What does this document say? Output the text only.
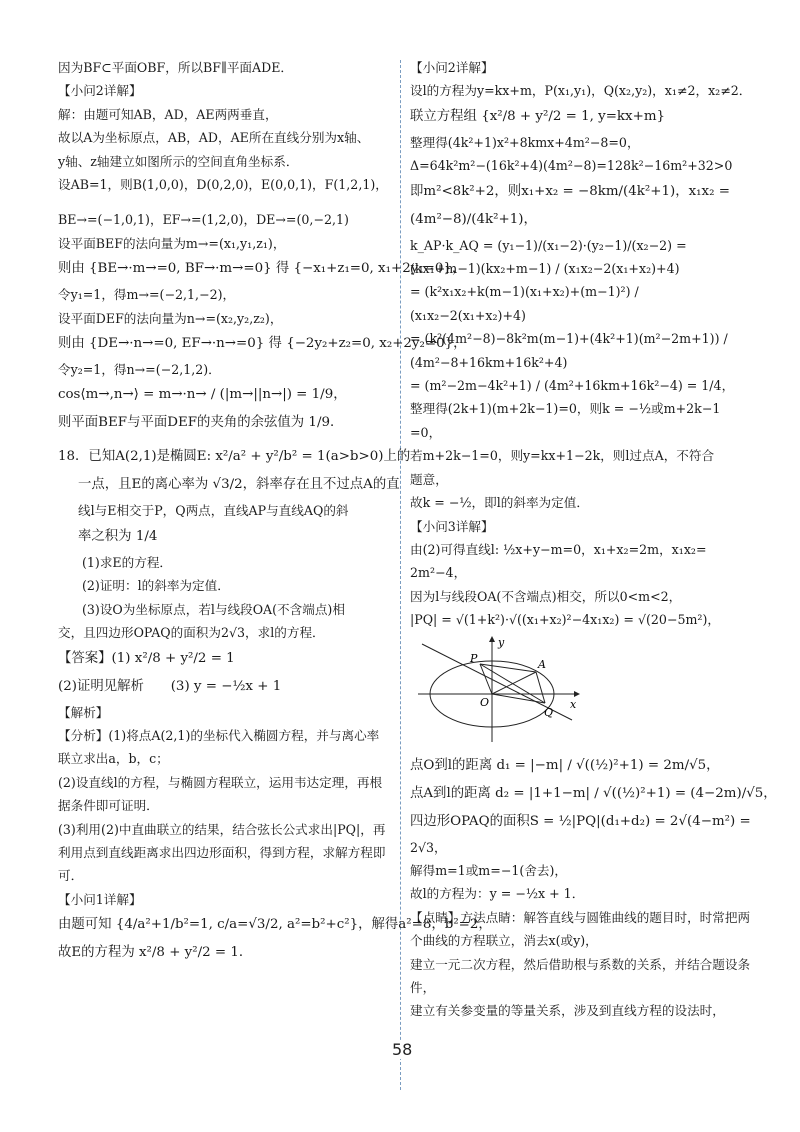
因为BF⊂平面OBF，所以BF∥平面ADE．
【小问2详解】
解：由题可知AB，AD，AE两两垂直，
故以A为坐标原点，AB，AD，AE所在直线分别为x轴、
y轴、z轴建立如图所示的空间直角坐标系．
设AB=1，则B(1,0,0)，D(0,2,0)，E(0,0,1)，F(1,2,1)，
BE→=(−1,0,1)，EF→=(1,2,0)，DE→=(0,−2,1)
设平面BEF的法向量为m→=(x₁,y₁,z₁)，
则由 {BE→·m→=0, BF→·m→=0} 得 {−x₁+z₁=0, x₁+2y₁=0}，
令y₁=1，得m→=(−2,1,−2)，
设平面DEF的法向量为n→=(x₂,y₂,z₂)，
则由 {DE→·n→=0, EF→·n→=0} 得 {−2y₂+z₂=0, x₂+2y₂=0}，
令y₂=1，得n→=(−2,1,2)．
cos⟨m→,n→⟩ = m→·n→ / (|m→||n→|) = 1/9，
则平面BEF与平面DEF的夹角的余弦值为 1/9．
18．已知A(2,1)是椭圆E: x²/a² + y²/b² = 1(a>b>0)上的
一点，且E的离心率为 √3/2，斜率存在且不过点A的直
线l与E相交于P，Q两点，直线AP与直线AQ的斜
率之积为 1/4
(1)求E的方程．
(2)证明：l的斜率为定值．
(3)设O为坐标原点，若l与线段OA(不含端点)相
交，且四边形OPAQ的面积为2√3，求l的方程．
【答案】(1) x²/8 + y²/2 = 1
(2)证明见解析　　(3) y = −½x + 1
【解析】
【分析】(1)将点A(2,1)的坐标代入椭圆方程，并与离心率联立求出a，b，c；
(2)设直线l的方程，与椭圆方程联立，运用韦达定理，再根据条件即可证明．
(3)利用(2)中直曲联立的结果，结合弦长公式求出|PQ|，再利用点到直线距离求出四边形面积，得到方程，求解方程即可．
【小问1详解】
由题可知 {4/a²+1/b²=1, c/a=√3/2, a²=b²+c²}，解得a²=8，b²=2，
故E的方程为 x²/8 + y²/2 = 1．
【小问2详解】
设l的方程为y=kx+m，P(x₁,y₁)，Q(x₂,y₂)，x₁≠2，x₂≠2．
联立方程组 {x²/8 + y²/2 = 1, y=kx+m}
整理得(4k²+1)x²+8kmx+4m²−8=0，
Δ=64k²m²−(16k²+4)(4m²−8)=128k²−16m²+32>0
即m²<8k²+2，则x₁+x₂ = −8km/(4k²+1)，x₁x₂ = (4m²−8)/(4k²+1)，
k_AP·k_AQ = (y₁−1)/(x₁−2)·(y₂−1)/(x₂−2) = (kx₁+m−1)(kx₂+m−1) / (x₁x₂−2(x₁+x₂)+4)
= (k²x₁x₂+k(m−1)(x₁+x₂)+(m−1)²) / (x₁x₂−2(x₁+x₂)+4)
= (k²(4m²−8)−8k²m(m−1)+(4k²+1)(m²−2m+1)) / (4m²−8+16km+16k²+4)
= (m²−2m−4k²+1) / (4m²+16km+16k²−4) = 1/4，
整理得(2k+1)(m+2k−1)=0，则k = −½或m+2k−1
=0，
若m+2k−1=0，则y=kx+1−2k，则l过点A，不符合
题意，
故k = −½，即l的斜率为定值．
【小问3详解】
由(2)可得直线l: ½x+y−m=0，x₁+x₂=2m，x₁x₂=
2m²−4，
因为l与线段OA(不含端点)相交，所以0<m<2，
|PQ| = √(1+k²)·√((x₁+x₂)²−4x₁x₂) = √(20−5m²)，
y
x
P	A
O
Q
点O到l的距离 d₁ = |−m| / √((½)²+1) = 2m/√5，
点A到l的距离 d₂ = |1+1−m| / √((½)²+1) = (4−2m)/√5，
四边形OPAQ的面积S = ½|PQ|(d₁+d₂) = 2√(4−m²) =
2√3，
解得m=1或m=−1(舍去)，
故l的方程为：y = −½x + 1．
【点睛】方法点睛：解答直线与圆锥曲线的题目时，时常把两个曲线的方程联立，消去x(或y)，
建立一元二次方程，然后借助根与系数的关系，并结合题设条件，
建立有关参变量的等量关系，涉及到直线方程的设法时，
58
